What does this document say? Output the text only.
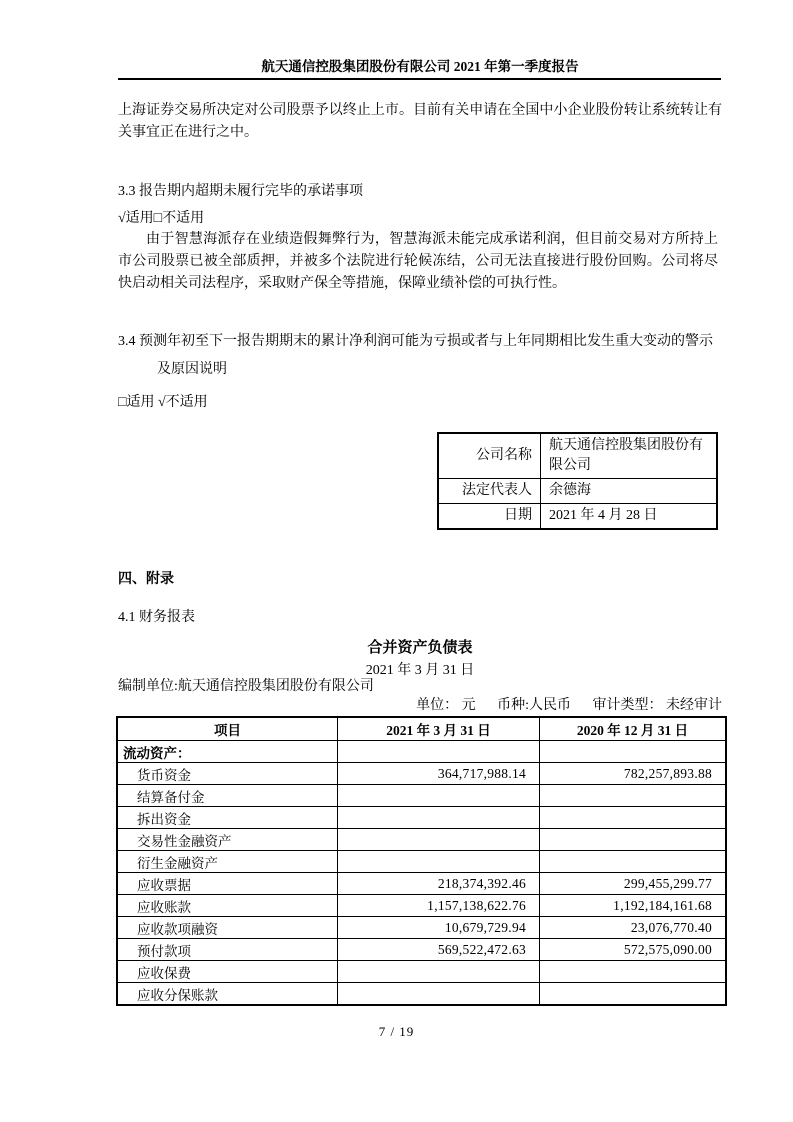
航天通信控股集团股份有限公司 2021 年第一季度报告
上海证券交易所决定对公司股票予以终止上市。目前有关申请在全国中小企业股份转让系统转让有关事宜正在进行之中。
3.3 报告期内超期未履行完毕的承诺事项
√适用□不适用
由于智慧海派存在业绩造假舞弊行为，智慧海派未能完成承诺利润，但目前交易对方所持上市公司股票已被全部质押，并被多个法院进行轮候冻结，公司无法直接进行股份回购。公司将尽快启动相关司法程序，采取财产保全等措施，保障业绩补偿的可执行性。
3.4 预测年初至下一报告期期末的累计净利润可能为亏损或者与上年同期相比发生重大变动的警示及原因说明
□适用 √不适用
公司名称	航天通信控股集团股份有限公司
法定代表人	余德海
日期	2021 年 4 月 28 日
四、附录
4.1 财务报表
合并资产负债表
2021 年 3 月 31 日
编制单位:航天通信控股集团股份有限公司
单位： 元 币种:人民币 审计类型： 未经审计
项目	2021 年 3 月 31 日	2020 年 12 月 31 日
流动资产：		
货币资金	364,717,988.14	782,257,893.88
结算备付金		
拆出资金		
交易性金融资产		
衍生金融资产		
应收票据	218,374,392.46	299,455,299.77
应收账款	1,157,138,622.76	1,192,184,161.68
应收款项融资	10,679,729.94	23,076,770.40
预付款项	569,522,472.63	572,575,090.00
应收保费		
应收分保账款		
7 / 19
